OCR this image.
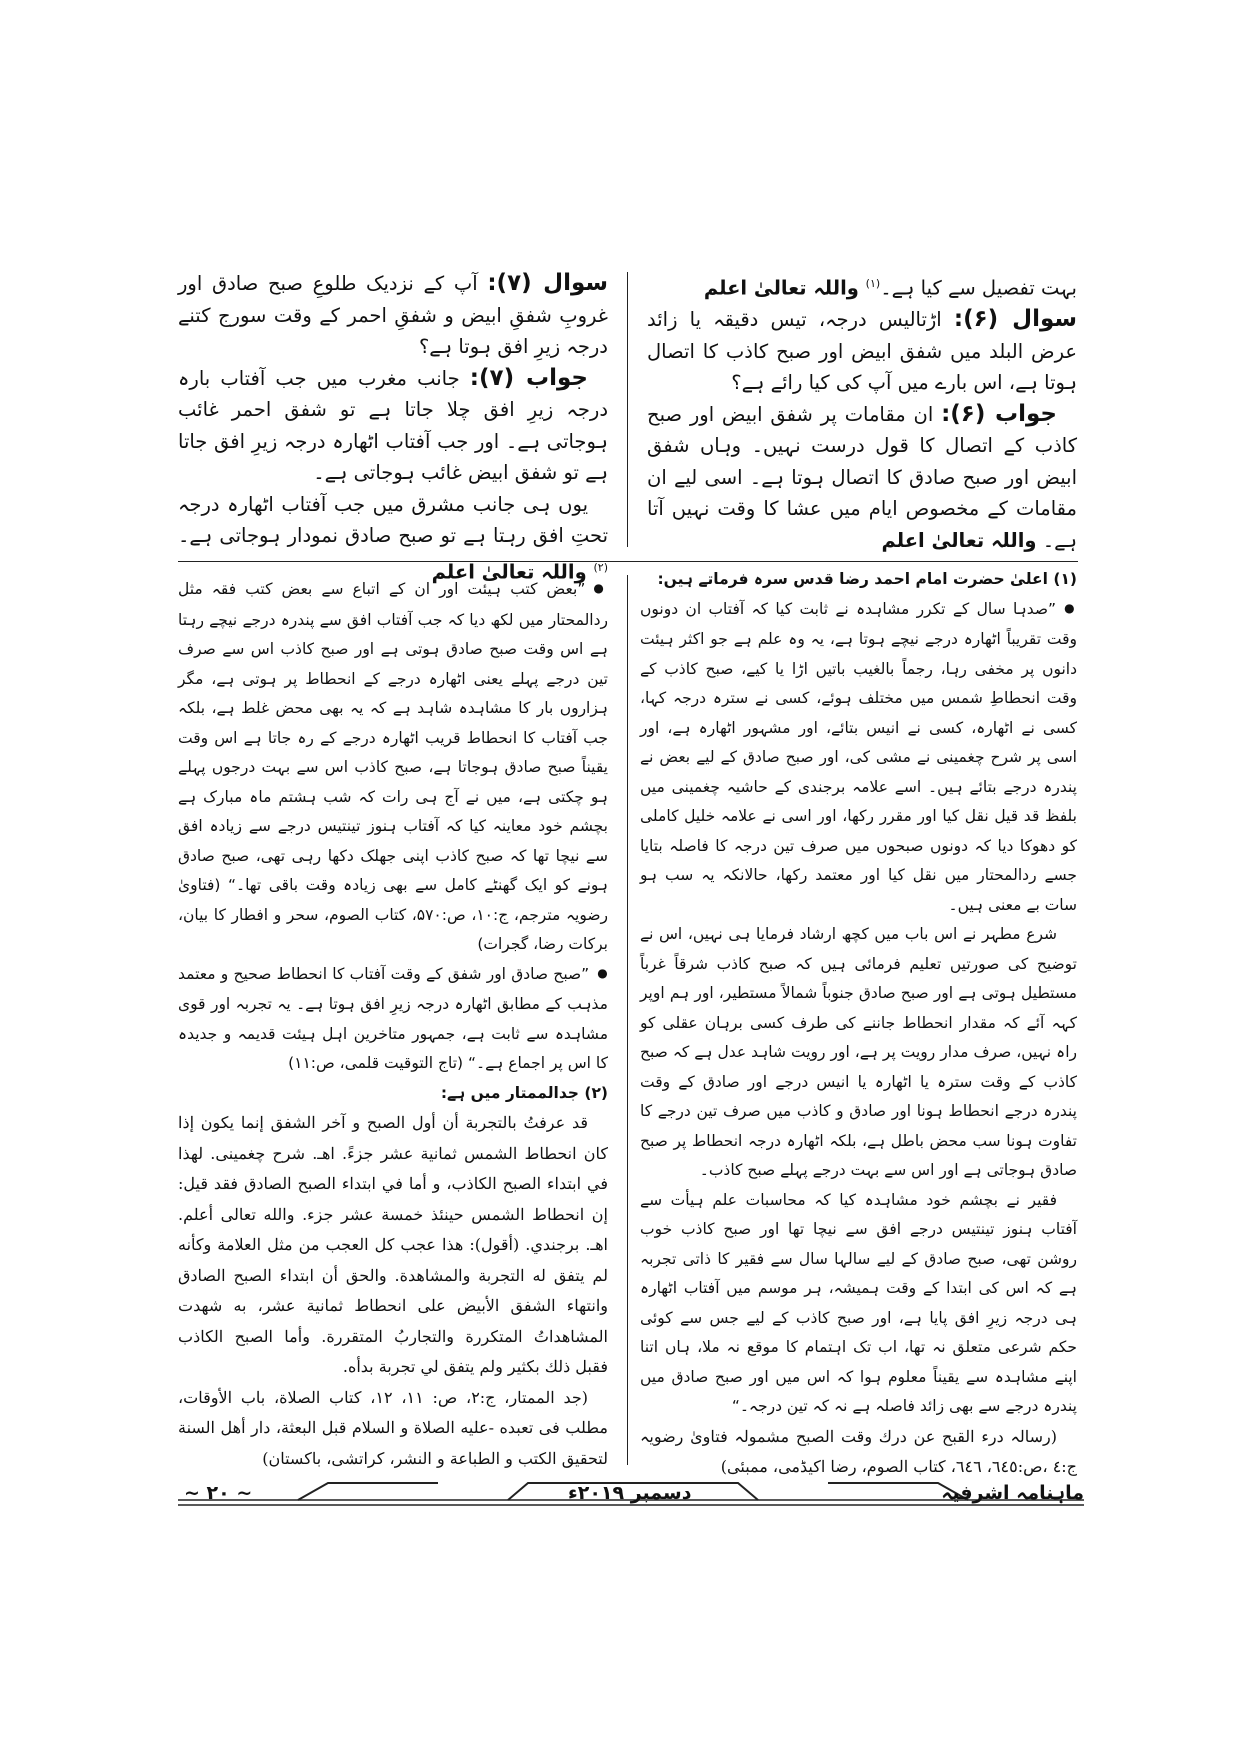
بہت تفصیل سے کیا ہے۔$^{(۱)}$ واللہ تعالیٰ اعلم

سوال (۶): اڑتالیس درجہ، تیس دقیقہ یا زائد عرض البلد میں شفق ابیض اور صبح کاذب کا اتصال ہوتا ہے، اس بارے میں آپ کی کیا رائے ہے؟

جواب (۶): ان مقامات پر شفق ابیض اور صبح کاذب کے اتصال کا قول درست نہیں۔ وہاں شفق ابیض اور صبح صادق کا اتصال ہوتا ہے۔ اسی لیے ان مقامات کے مخصوص ایام میں عشا کا وقت نہیں آتا ہے۔ واللہ تعالیٰ اعلم

سوال (۷): آپ کے نزدیک طلوعِ صبح صادق اور غروبِ شفقِ ابیض و شفقِ احمر کے وقت سورج کتنے درجہ زیرِ افق ہوتا ہے؟

جواب (۷): جانب مغرب میں جب آفتاب بارہ درجہ زیرِ افق چلا جاتا ہے تو شفق احمر غائب ہوجاتی ہے۔ اور جب آفتاب اٹھارہ درجہ زیرِ افق جاتا ہے تو شفق ابیض غائب ہوجاتی ہے۔

یوں ہی جانب مشرق میں جب آفتاب اٹھارہ درجہ تحتِ افق رہتا ہے تو صبح صادق نمودار ہوجاتی ہے۔$^{(۲)}$ واللہ تعالیٰ اعلم	(۱) اعلیٰ حضرت امام احمد رضا قدس سرہ فرماتے ہیں:

● ”صدہا سال کے تکرر مشاہدہ نے ثابت کیا کہ آفتاب ان دونوں وقت تقریباً اٹھارہ درجے نیچے ہوتا ہے، یہ وہ علم ہے جو اکثر ہیئت دانوں پر مخفی رہا، رجماً بالغیب باتیں اڑا یا کیے، صبح کاذب کے وقت انحطاطِ شمس میں مختلف ہوئے، کسی نے سترہ درجہ کہا، کسی نے اٹھارہ، کسی نے انیس بتائے، اور مشہور اٹھارہ ہے، اور اسی پر شرح چغمینی نے مشی کی، اور صبح صادق کے لیے بعض نے پندرہ درجے بتائے ہیں۔ اسے علامہ برجندی کے حاشیہ چغمینی میں بلفظ قد قیل نقل کیا اور مقرر رکھا، اور اسی نے علامہ خلیل کاملی کو دھوکا دیا کہ دونوں صبحوں میں صرف تین درجہ کا فاصلہ بتایا جسے ردالمحتار میں نقل کیا اور معتمد رکھا، حالانکہ یہ سب ہو سات بے معنی ہیں۔

شرع مطہر نے اس باب میں کچھ ارشاد فرمایا ہی نہیں، اس نے توضیح کی صورتیں تعلیم فرمائی ہیں کہ صبح کاذب شرقاً غرباً مستطیل ہوتی ہے اور صبح صادق جنوباً شمالاً مستطیر، اور ہم اوپر کہہ آئے کہ مقدار انحطاط جاننے کی طرف کسی برہان عقلی کو راہ نہیں، صرف مدار رویت پر ہے، اور رویت شاہد عدل ہے کہ صبح کاذب کے وقت سترہ یا اٹھارہ یا انیس درجے اور صادق کے وقت پندرہ درجے انحطاط ہونا اور صادق و کاذب میں صرف تین درجے کا تفاوت ہونا سب محض باطل ہے، بلکہ اٹھارہ درجہ انحطاط پر صبح صادق ہوجاتی ہے اور اس سے بہت درجے پہلے صبح کاذب۔

فقیر نے بچشم خود مشاہدہ کیا کہ محاسبات علم ہیأت سے آفتاب ہنوز تینتیس درجے افق سے نیچا تھا اور صبح کاذب خوب روشن تھی، صبح صادق کے لیے سالہا سال سے فقیر کا ذاتی تجربہ ہے کہ اس کی ابتدا کے وقت ہمیشہ، ہر موسم میں آفتاب اٹھارہ ہی درجہ زیرِ افق پایا ہے، اور صبح کاذب کے لیے جس سے کوئی حکم شرعی متعلق نہ تھا، اب تک اہتمام کا موقع نہ ملا، ہاں اتنا اپنے مشاہدہ سے یقیناً معلوم ہوا کہ اس میں اور صبح صادق میں پندرہ درجے سے بھی زائد فاصلہ ہے نہ کہ تین درجہ۔“

(رسالہ درء القبح عن درك وقت الصبح مشمولہ فتاویٰ رضویہ ج:٤ ،ص:٦٤٥، ٦٤٦، کتاب الصوم، رضا اکیڈمی، ممبئی)

● ”بعض کتب ہیئت اور ان کے اتباع سے بعض کتب فقہ مثل ردالمحتار میں لکھ دیا کہ جب آفتاب افق سے پندرہ درجے نیچے رہتا ہے اس وقت صبح صادق ہوتی ہے اور صبح کاذب اس سے صرف تین درجے پہلے یعنی اٹھارہ درجے کے انحطاط پر ہوتی ہے، مگر ہزاروں بار کا مشاہدہ شاہد ہے کہ یہ بھی محض غلط ہے، بلکہ جب آفتاب کا انحطاط قریب اٹھارہ درجے کے رہ جاتا ہے اس وقت یقیناً صبح صادق ہوجاتا ہے، صبح کاذب اس سے بہت درجوں پہلے ہو چکتی ہے، میں نے آج ہی رات کہ شب ہشتم ماہ مبارک ہے بچشم خود معاینہ کیا کہ آفتاب ہنوز تینتیس درجے سے زیادہ افق سے نیچا تھا کہ صبح کاذب اپنی جھلک دکھا رہی تھی، صبح صادق ہونے کو ایک گھنٹے کامل سے بھی زیادہ وقت باقی تھا۔“ (فتاویٰ رضویہ مترجم، ج:۱۰، ص:۵۷۰، کتاب الصوم، سحر و افطار کا بیان، برکات رضا، گجرات)

● ”صبح صادق اور شفق کے وقت آفتاب کا انحطاط صحیح و معتمد مذہب کے مطابق اٹھارہ درجہ زیرِ افق ہوتا ہے۔ یہ تجربہ اور قوی مشاہدہ سے ثابت ہے، جمہور متاخرین اہل ہیئت قدیمہ و جدیدہ کا اس پر اجماع ہے۔“ (تاج التوقیت قلمی، ص:۱۱)

(۲) جدالممتار میں ہے:

قد عرفتُ بالتجربة أن أول الصبح و آخر الشفق إنما يكون إذا كان انحطاط الشمس ثمانية عشر جزءً. اهـ. شرح چغمینی. لهذا في ابتداء الصبح الكاذب، و أما في ابتداء الصبح الصادق فقد قيل: إن انحطاط الشمس حينئذ خمسة عشر جزء. والله تعالى أعلم. اهـ. برجندي. (أقول): هذا عجب كل العجب من مثل العلامة وكأنه لم يتفق له التجربة والمشاهدة. والحق أن ابتداء الصبح الصادق وانتهاء الشفق الأبيض على انحطاط ثمانية عشر، به شهدت المشاهداتُ المتكررة والتجاربُ المتقررة. وأما الصبح الكاذب فقبل ذلك بكثير ولم يتفق لي تجربة بدأه.

(جد الممتار، ج:٢، ص: ١١، ١٢، كتاب الصلاة، باب الأوقات، مطلب فی تعبده -عليه الصلاة و السلام قبل البعثة، دار أهل السنة لتحقيق الكتب و الطباعة و النشر، كراتشی، باكستان)

ماہنامہ اشرفیہ
دسمبر ۲۰۱۹ء
~ ۲۰ ~
